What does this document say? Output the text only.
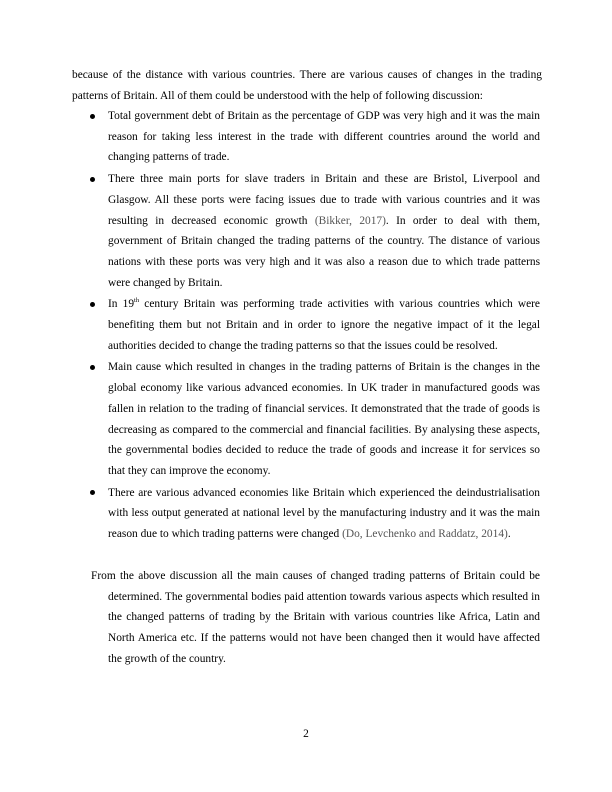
because of the distance with various countries. There are various causes of changes in the trading patterns of Britain. All of them could be understood with the help of following discussion:
Total government debt of Britain as the percentage of GDP was very high and it was the main reason for taking less interest in the trade with different countries around the world and changing patterns of trade.
There three main ports for slave traders in Britain and these are Bristol, Liverpool and Glasgow. All these ports were facing issues due to trade with various countries and it was resulting in decreased economic growth (Bikker, 2017). In order to deal with them, government of Britain changed the trading patterns of the country. The distance of various nations with these ports was very high and it was also a reason due to which trade patterns were changed by Britain.
In 19th century Britain was performing trade activities with various countries which were benefiting them but not Britain and in order to ignore the negative impact of it the legal authorities decided to change the trading patterns so that the issues could be resolved.
Main cause which resulted in changes in the trading patterns of Britain is the changes in the global economy like various advanced economies. In UK trader in manufactured goods was fallen in relation to the trading of financial services. It demonstrated that the trade of goods is decreasing as compared to the commercial and financial facilities. By analysing these aspects, the governmental bodies decided to reduce the trade of goods and increase it for services so that they can improve the economy.
There are various advanced economies like Britain which experienced the deindustrialisation with less output generated at national level by the manufacturing industry and it was the main reason due to which trading patterns were changed (Do, Levchenko and Raddatz, 2014).

From the above discussion all the main causes of changed trading patterns of Britain could be determined. The governmental bodies paid attention towards various aspects which resulted in the changed patterns of trading by the Britain with various countries like Africa, Latin and North America etc. If the patterns would not have been changed then it would have affected the growth of the country.

2
